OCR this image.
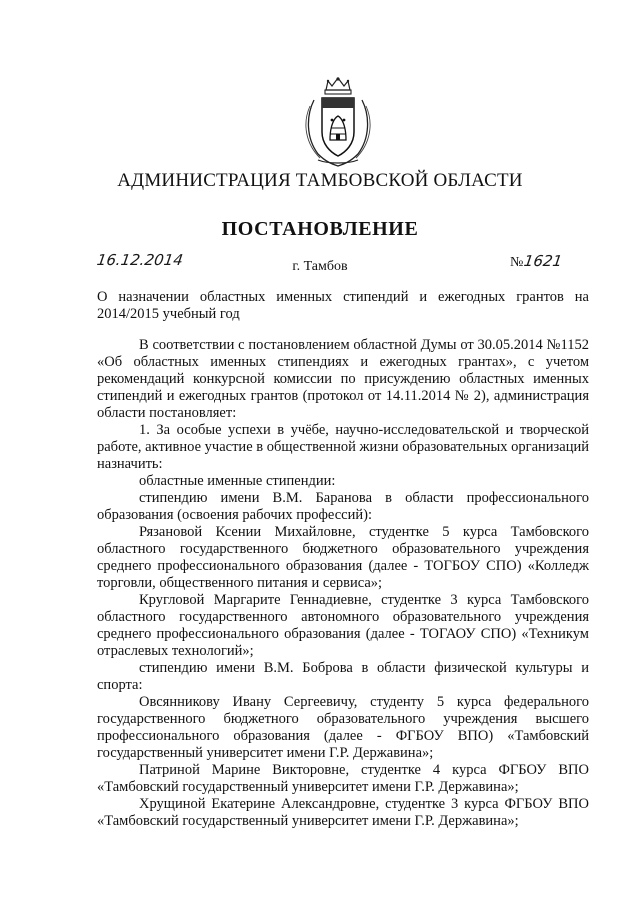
АДМИНИСТРАЦИЯ ТАМБОВСКОЙ ОБЛАСТИ
ПОСТАНОВЛЕНИЕ
16.12.2014	г. Тамбов	№1621
О назначении областных именных стипендий и ежегодных грантов на 2014/2015 учебный год

В соответствии с постановлением областной Думы от 30.05.2014 №1152 «Об областных именных стипендиях и ежегодных грантах», с учетом рекомендаций конкурсной комиссии по присуждению областных именных стипендий и ежегодных грантов (протокол от 14.11.2014 № 2), администрация области постановляет:

1. За особые успехи в учёбе, научно-исследовательской и творческой работе, активное участие в общественной жизни образовательных организаций назначить:

областные именные стипендии:

стипендию имени В.М. Баранова в области профессионального образования (освоения рабочих профессий):

Рязановой Ксении Михайловне, студентке 5 курса Тамбовского областного государственного бюджетного образовательного учреждения среднего профессионального образования (далее - ТОГБОУ СПО) «Колледж торговли, общественного питания и сервиса»;

Кругловой Маргарите Геннадиевне, студентке 3 курса Тамбовского областного государственного автономного образовательного учреждения среднего профессионального образования (далее - ТОГАОУ СПО) «Техникум отраслевых технологий»;

стипендию имени В.М. Боброва в области физической культуры и спорта:

Овсянникову Ивану Сергеевичу, студенту 5 курса федерального государственного бюджетного образовательного учреждения высшего профессионального образования (далее - ФГБОУ ВПО) «Тамбовский государственный университет имени Г.Р. Державина»;

Патриной Марине Викторовне, студентке 4 курса ФГБОУ ВПО «Тамбовский государственный университет имени Г.Р. Державина»;

Хрущиной Екатерине Александровне, студентке 3 курса ФГБОУ ВПО «Тамбовский государственный университет имени Г.Р. Державина»;
